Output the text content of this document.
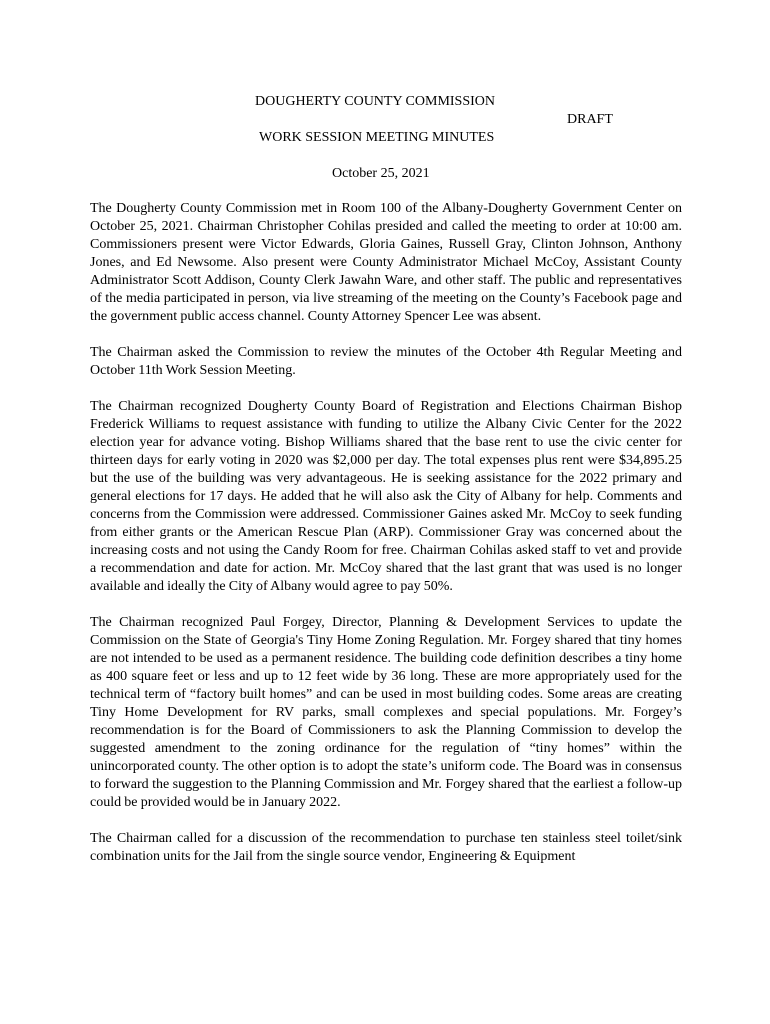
DOUGHERTY COUNTY COMMISSION
DRAFT
WORK SESSION MEETING MINUTES
October 25, 2021

The Dougherty County Commission met in Room 100 of the Albany-Dougherty Government Center on October 25, 2021. Chairman Christopher Cohilas presided and called the meeting to order at 10:00 am. Commissioners present were Victor Edwards, Gloria Gaines, Russell Gray, Clinton Johnson, Anthony Jones, and Ed Newsome. Also present were County Administrator Michael McCoy, Assistant County Administrator Scott Addison, County Clerk Jawahn Ware, and other staff. The public and representatives of the media participated in person, via live streaming of the meeting on the County’s Facebook page and the government public access channel. County Attorney Spencer Lee was absent.

The Chairman asked the Commission to review the minutes of the October 4th Regular Meeting and October 11th Work Session Meeting.

The Chairman recognized Dougherty County Board of Registration and Elections Chairman Bishop Frederick Williams to request assistance with funding to utilize the Albany Civic Center for the 2022 election year for advance voting. Bishop Williams shared that the base rent to use the civic center for thirteen days for early voting in 2020 was $2,000 per day. The total expenses plus rent were $34,895.25 but the use of the building was very advantageous. He is seeking assistance for the 2022 primary and general elections for 17 days. He added that he will also ask the City of Albany for help. Comments and concerns from the Commission were addressed. Commissioner Gaines asked Mr. McCoy to seek funding from either grants or the American Rescue Plan (ARP). Commissioner Gray was concerned about the increasing costs and not using the Candy Room for free. Chairman Cohilas asked staff to vet and provide a recommendation and date for action. Mr. McCoy shared that the last grant that was used is no longer available and ideally the City of Albany would agree to pay 50%.

The Chairman recognized Paul Forgey, Director, Planning & Development Services to update the Commission on the State of Georgia's Tiny Home Zoning Regulation. Mr. Forgey shared that tiny homes are not intended to be used as a permanent residence. The building code definition describes a tiny home as 400 square feet or less and up to 12 feet wide by 36 long. These are more appropriately used for the technical term of “factory built homes” and can be used in most building codes. Some areas are creating Tiny Home Development for RV parks, small complexes and special populations. Mr. Forgey’s recommendation is for the Board of Commissioners to ask the Planning Commission to develop the suggested amendment to the zoning ordinance for the regulation of “tiny homes” within the unincorporated county. The other option is to adopt the state’s uniform code. The Board was in consensus to forward the suggestion to the Planning Commission and Mr. Forgey shared that the earliest a follow-up could be provided would be in January 2022.

The Chairman called for a discussion of the recommendation to purchase ten stainless steel toilet/sink combination units for the Jail from the single source vendor, Engineering & Equipment
